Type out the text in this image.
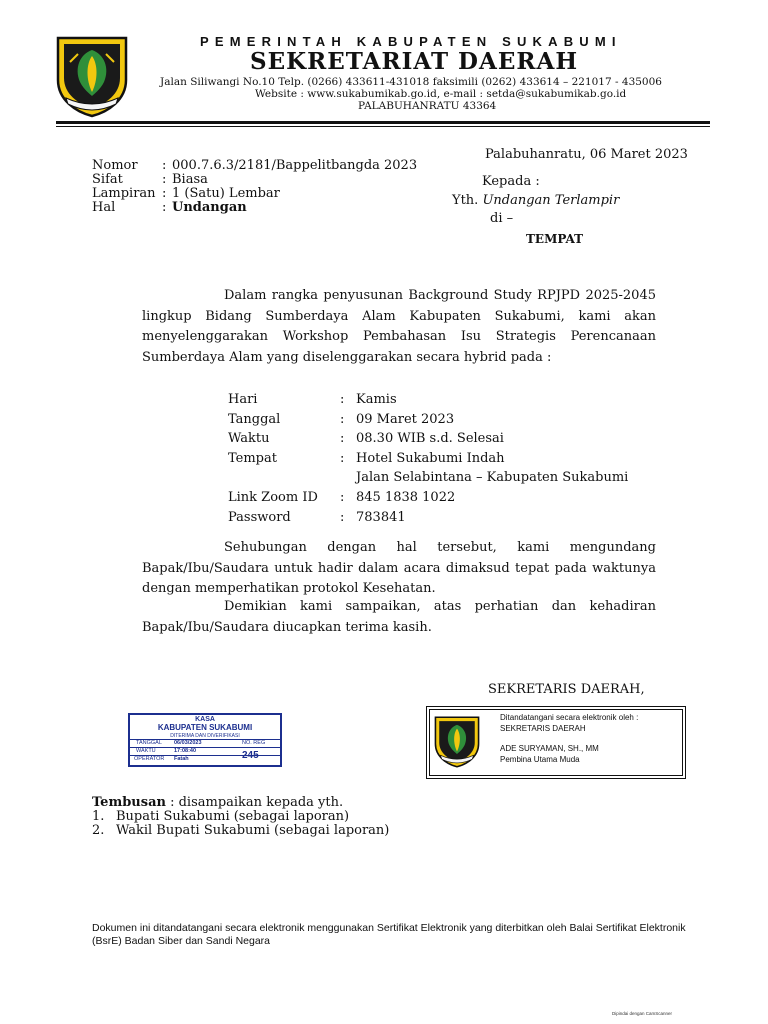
PEMERINTAH KABUPATEN SUKABUMI
SEKRETARIAT DAERAH
Jalan Siliwangi No.10 Telp. (0266) 433611-431018 faksimili (0262) 433614 – 221017 - 435006
Website : www.sukabumikab.go.id, e-mail : setda@sukabumikab.go.id
PALABUHANRATU 43364
Palabuhanratu, 06 Maret 2023
Nomor : 000.7.6.3/2181/Bappelitbangda 2023
Sifat	: Biasa
Lampiran : 1 (Satu) Lembar
Hal	: Undangan
Kepada :
Yth. Undangan Terlampir
di –
TEMPAT
Dalam rangka penyusunan Background Study RPJPD 2025-2045 lingkup Bidang Sumberdaya Alam Kabupaten Sukabumi, kami akan menyelenggarakan Workshop Pembahasan Isu Strategis Perencanaan Sumberdaya Alam yang diselenggarakan secara hybrid pada :
Hari	: Kamis
Tanggal	: 09 Maret 2023
Waktu	: 08.30 WIB s.d. Selesai
Tempat	: Hotel Sukabumi Indah
Jalan Selabintana – Kabupaten Sukabumi
Link Zoom ID : 845 1838 1022
Password	: 783841
Sehubungan dengan hal tersebut, kami mengundang Bapak/Ibu/Saudara untuk hadir dalam acara dimaksud tepat pada waktunya dengan memperhatikan protokol Kesehatan.
Demikian kami sampaikan, atas perhatian dan kehadiran Bapak/Ibu/Saudara diucapkan terima kasih.
SEKRETARIS DAERAH,
Ditandatangani secara elektronik oleh :
SEKRETARIS DAERAH
ADE SURYAMAN, SH., MM
Pembina Utama Muda
KASA
KABUPATEN SUKABUMI
DITERIMA DAN DIVERIFIKASI
TANGGAL 06/03/2023	NO. REG
WAKTU	17:08:40
OPERATOR Fatah	245
Tembusan : disampaikan kepada yth.
1. Bupati Sukabumi (sebagai laporan)
2. Wakil Bupati Sukabumi (sebagai laporan)
Dokumen ini ditandatangani secara elektronik menggunakan Sertifikat Elektronik yang diterbitkan oleh Balai Sertifikat Elektronik (BsrE) Badan Siber dan Sandi Negara
Dipindai dengan CamScanner
